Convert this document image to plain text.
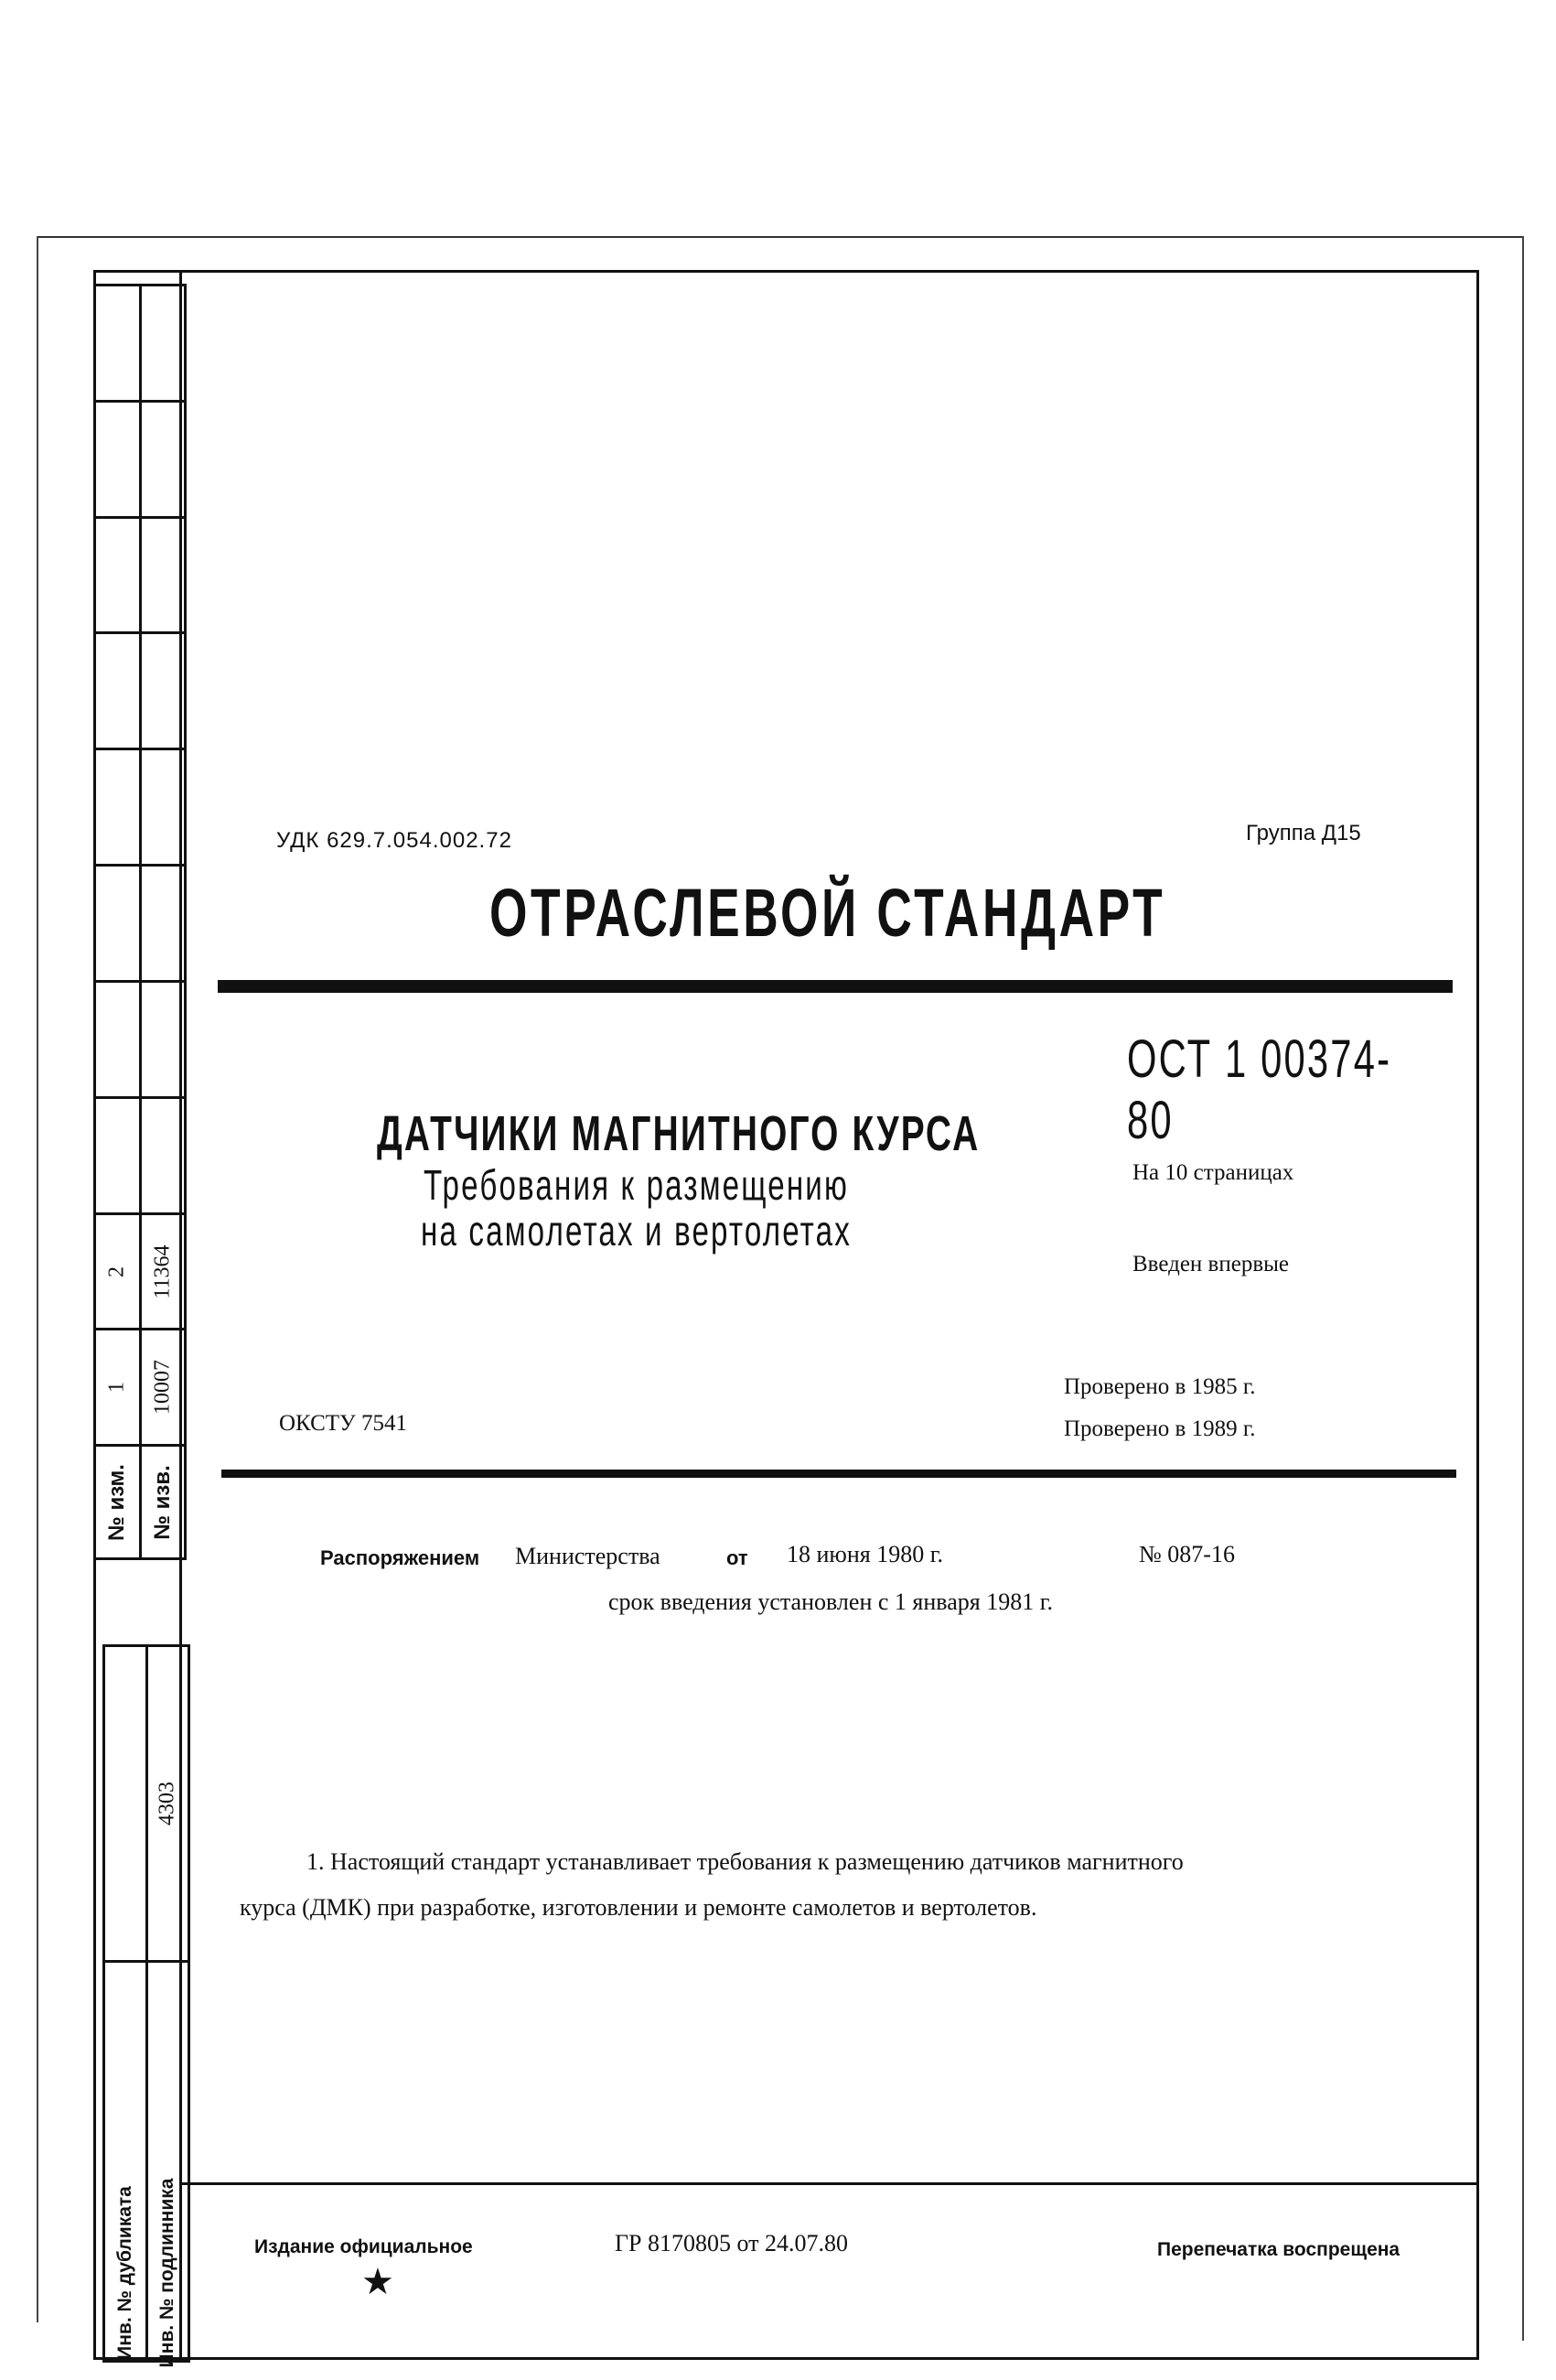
2	11364

1	10007

№ изм.	№ изв.

	4303

Инв. № дубликата	Инв. № подлинника
УДК 629.7.054.002.72	Группа Д15
ОТРАСЛЕВОЙ СТАНДАРТ
ОСТ 1 00374-80
ДАТЧИКИ МАГНИТНОГО КУРСА
Требования к размещению
на самолетах и вертолетах
На 10 страницах
Введен впервые
Проверено в 1985 г.
Проверено в 1989 г.
ОКСТУ 7541
Распоряжением Министерства	от 18 июня 1980 г.	№ 087-16
срок введения установлен с 1 января 1981 г.
1. Настоящий стандарт устанавливает требования к размещению датчиков магнитного
курса (ДМК) при разработке, изготовлении и ремонте самолетов и вертолетов.
Издание официальное
★
ГР 8170805 от 24.07.80	Перепечатка воспрещена
